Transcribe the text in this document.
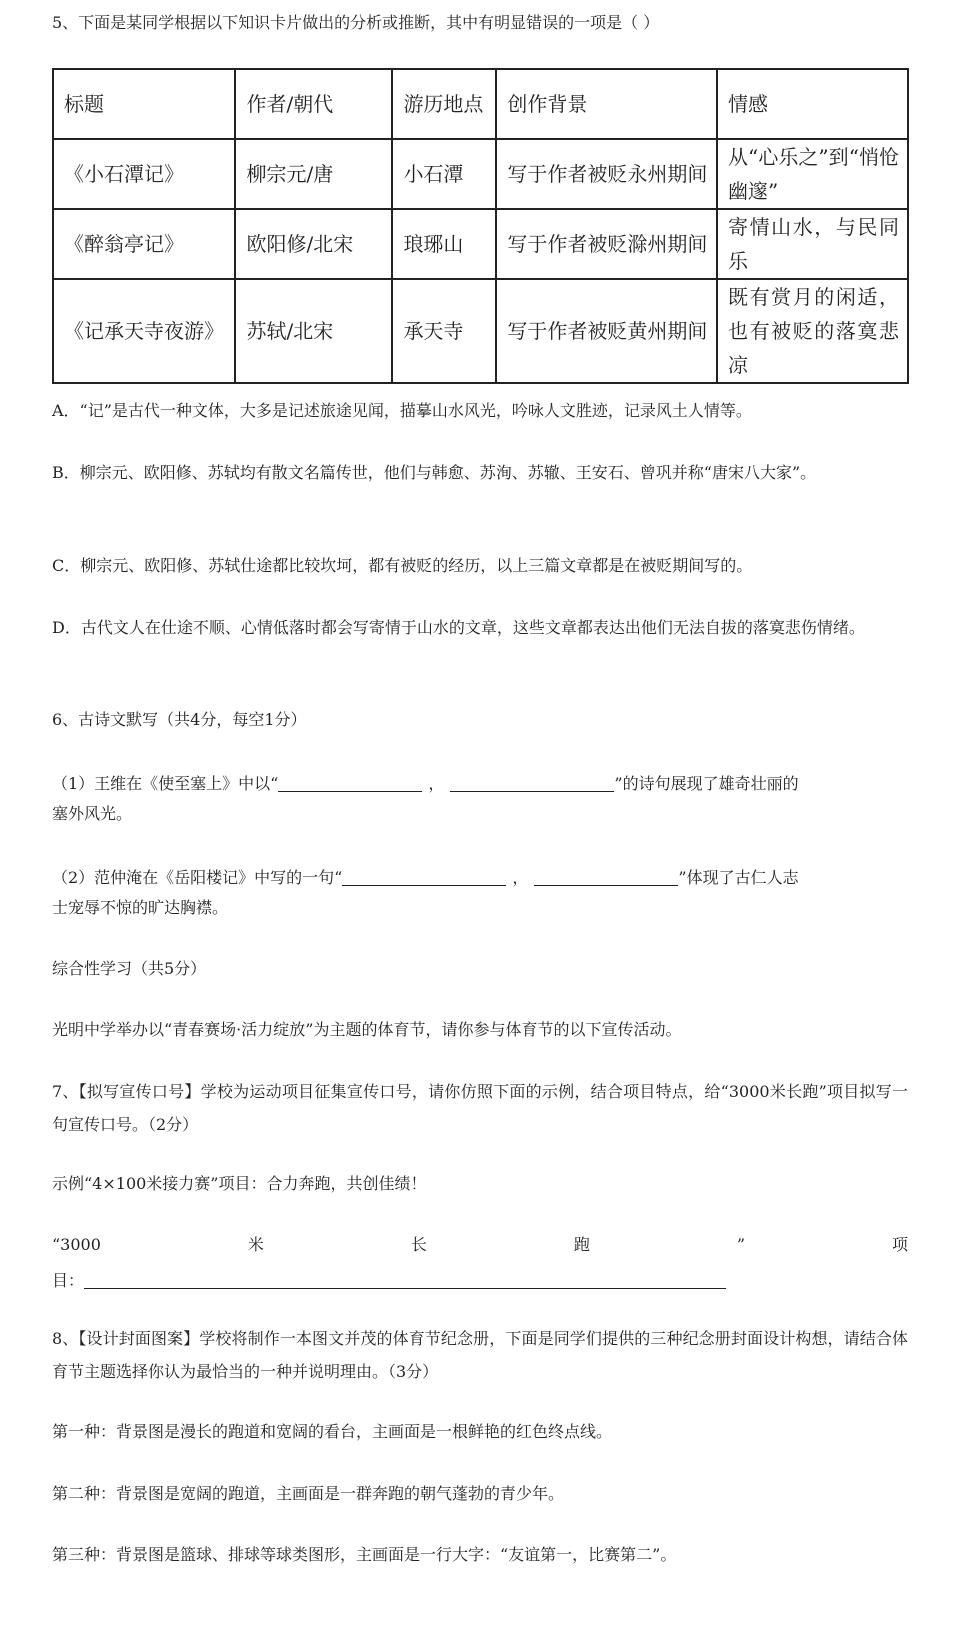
5、下面是某同学根据以下知识卡片做出的分析或推断，其中有明显错误的一项是（ ）
标题	作者/朝代	游历地点	创作背景	情感
《小石潭记》	柳宗元/唐	小石潭	写于作者被贬永州期间	从“心乐之”到“悄怆幽邃”
《醉翁亭记》	欧阳修/北宋	琅琊山	写于作者被贬滁州期间	寄情山水，与民同乐
《记承天寺夜游》	苏轼/北宋	承天寺	写于作者被贬黄州期间	既有赏月的闲适，也有被贬的落寞悲凉
A．“记”是古代一种文体，大多是记述旅途见闻，描摹山水风光，吟咏人文胜迹，记录风土人情等。
B．柳宗元、欧阳修、苏轼均有散文名篇传世，他们与韩愈、苏洵、苏辙、王安石、曾巩并称“唐宋八大家”。
C．柳宗元、欧阳修、苏轼仕途都比较坎坷，都有被贬的经历，以上三篇文章都是在被贬期间写的。
D．古代文人在仕途不顺、心情低落时都会写寄情于山水的文章，这些文章都表达出他们无法自拔的落寞悲伤情绪。
6、古诗文默写（共4分，每空1分）
（1）王维在《使至塞上》中以“	，	”的诗句展现了雄奇壮丽的
塞外风光。
（2）范仲淹在《岳阳楼记》中写的一句“	，	”体现了古仁人志
士宠辱不惊的旷达胸襟。
综合性学习（共5分）
光明中学举办以“青春赛场·活力绽放”为主题的体育节，请你参与体育节的以下宣传活动。
7、【拟写宣传口号】学校为运动项目征集宣传口号，请你仿照下面的示例，结合项目特点，给“3000米长跑”项目拟写一句宣传口号。（2分）
示例“4×100米接力赛”项目：合力奔跑，共创佳绩！
“3000	米	长	跑	”	项
目：
8、【设计封面图案】学校将制作一本图文并茂的体育节纪念册，下面是同学们提供的三种纪念册封面设计构想，请结合体育节主题选择你认为最恰当的一种并说明理由。（3分）
第一种：背景图是漫长的跑道和宽阔的看台，主画面是一根鲜艳的红色终点线。
第二种：背景图是宽阔的跑道，主画面是一群奔跑的朝气蓬勃的青少年。
第三种：背景图是篮球、排球等球类图形，主画面是一行大字：“友谊第一，比赛第二”。
